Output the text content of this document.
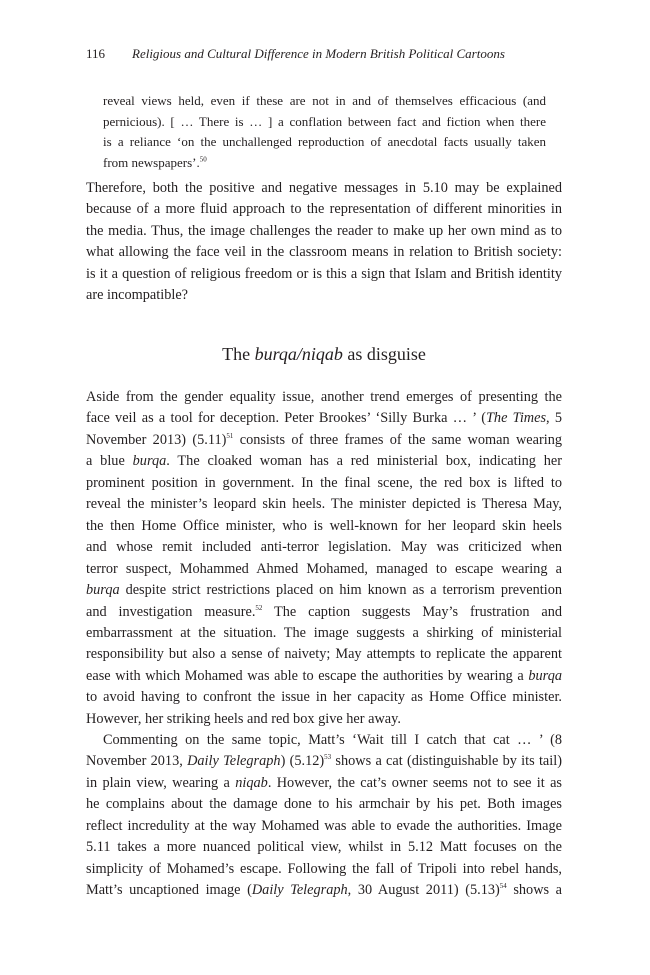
116 Religious and Cultural Difference in Modern British Political Cartoons
reveal views held, even if these are not in and of themselves efficacious (and
pernicious). [ … There is … ] a conflation between fact and fiction when there
is a reliance ‘on the unchallenged reproduction of anecdotal facts usually taken
from newspapers’.$^{50}$
Therefore, both the positive and negative messages in 5.10 may be explained
because of a more fluid approach to the representation of different minorities in
the media. Thus, the image challenges the reader to make up her own mind as to
what allowing the face veil in the classroom means in relation to British society:
is it a question of religious freedom or is this a sign that Islam and British identity
are incompatible?
The burqa/niqab as disguise
Aside from the gender equality issue, another trend emerges of presenting the
face veil as a tool for deception. Peter Brookes’ ‘Silly Burka … ’ (The Times, 5
November 2013) $(5.11)^{51}$ consists of three frames of the same woman wearing
a blue burqa. The cloaked woman has a red ministerial box, indicating her
prominent position in government. In the final scene, the red box is lifted to
reveal the minister’s leopard skin heels. The minister depicted is Theresa May,
the then Home Office minister, who is well-known for her leopard skin heels
and whose remit included anti-terror legislation. May was criticized when
terror suspect, Mohammed Ahmed Mohamed, managed to escape wearing a
burqa despite strict restrictions placed on him known as a terrorism prevention
and investigation measure.$^{52}$ The caption suggests May’s frustration and
embarrassment at the situation. The image suggests a shirking of ministerial
responsibility but also a sense of naivety; May attempts to replicate the apparent
ease with which Mohamed was able to escape the authorities by wearing a burqa
to avoid having to confront the issue in her capacity as Home Office minister.
However, her striking heels and red box give her away.
Commenting on the same topic, Matt’s ‘Wait till I catch that cat … ’ (8
November 2013, Daily Telegraph) $(5.12)^{53}$ shows a cat (distinguishable by its tail)
in plain view, wearing a niqab. However, the cat’s owner seems not to see it as
he complains about the damage done to his armchair by his pet. Both images
reflect incredulity at the way Mohamed was able to evade the authorities. Image
5.11 takes a more nuanced political view, whilst in 5.12 Matt focuses on the
simplicity of Mohamed’s escape. Following the fall of Tripoli into rebel hands,
Matt’s uncaptioned image (Daily Telegraph, 30 August 2011) $(5.13)^{54}$ shows a
